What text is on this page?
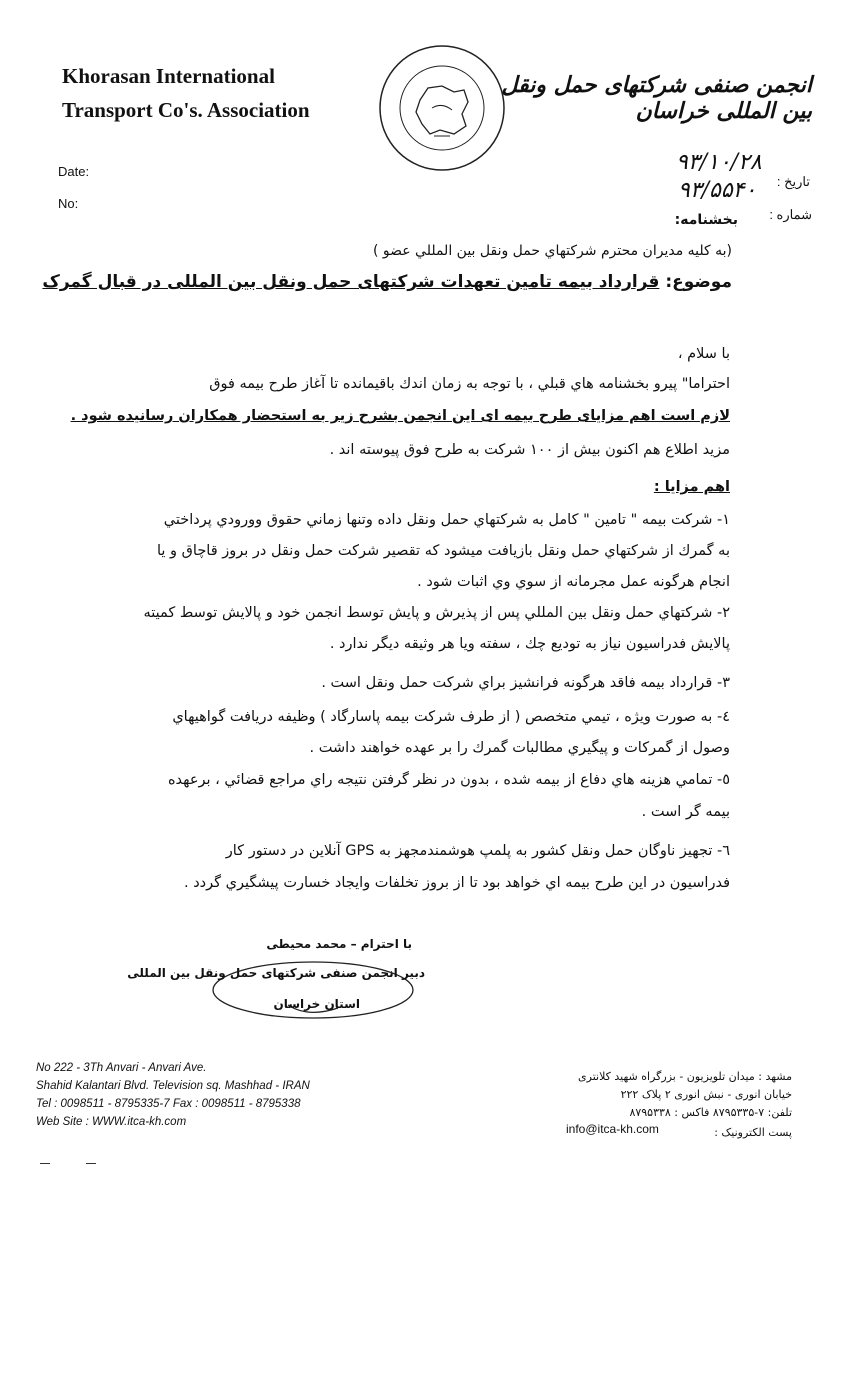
Khorasan International
Transport Co's. Association
انجمن صنفی شرکتهای حمل ونقل بین المللی خراسان
Date:
No:
تاریخ :
شماره :
۹۳/۱۰/۲۸
۹۳/۵۵۴۰
بخشنامه:
(به كليه مديران محترم شركتهاي حمل ونقل بين المللي عضو )
موضوع: قرارداد بیمه تامین تعهدات شرکتهای حمل ونقل بین المللی در قبال گمرک
با سلام ،
احتراما" پيرو بخشنامه هاي قبلي ، با توجه به زمان اندك باقيمانده تا آغاز طرح بيمه فوق
لازم است اهم مزایای طرح بیمه ای این انجمن بشرح زیر به استحضار همکاران رسانیده شود .
مزيد اطلاع هم اكنون بيش از ١٠٠ شركت به طرح فوق پيوسته اند .
اهم مزايا :
١- شركت بيمه " تامين " كامل به شركتهاي حمل ونقل داده وتنها زماني حقوق وورودي پرداختي
به گمرك از شركتهاي حمل ونقل بازيافت ميشود كه تقصير شركت حمل ونقل در بروز قاچاق و يا
انجام هرگونه عمل مجرمانه از سوي وي اثبات شود .
٢- شركتهاي حمل ونقل بين المللي پس از پذيرش و پايش توسط انجمن خود و پالايش توسط كميته
پالايش فدراسيون نياز به توديع چك ، سفته ويا هر وثيقه ديگر ندارد .
٣- قرارداد بيمه فاقد هرگونه فرانشيز براي شركت حمل ونقل است .
٤- به صورت ويژه ، تيمي متخصص ( از طرف شركت بيمه پاسارگاد ) وظيفه دريافت گواهيهاي
وصول از گمركات و پيگيري مطالبات گمرك را بر عهده خواهند داشت .
٥- تمامي هزينه هاي دفاع از بيمه شده ، بدون در نظر گرفتن نتيجه راي مراجع قضائي ، برعهده
بيمه گر است .
٦- تجهيز ناوگان حمل ونقل كشور به پلمپ هوشمندمجهز به GPS آنلاين در دستور كار
فدراسيون در اين طرح بيمه اي خواهد بود تا از بروز تخلفات وايجاد خسارت پيشگيري گردد .
با احترام – محمد محیطی
دبیر انجمن صنفی شرکتهای حمل ونقل بین المللی
استان خراسان
No 222 - 3Th Anvari - Anvari Ave.
Shahid Kalantari Blvd. Television sq. Mashhad - IRAN
Tel : 0098511 - 8795335-7 Fax : 0098511 - 8795338
Web Site : WWW.itca-kh.com
مشهد : میدان تلویزیون - بزرگراه شهید کلانتری
خیابان انوری - نبش انوری ۲ پلاک ۲۲۲
تلفن: ۷-۸۷۹۵۳۳۵ فاکس : ۸۷۹۵۳۳۸
پست الکترونیک :
info@itca-kh.com
